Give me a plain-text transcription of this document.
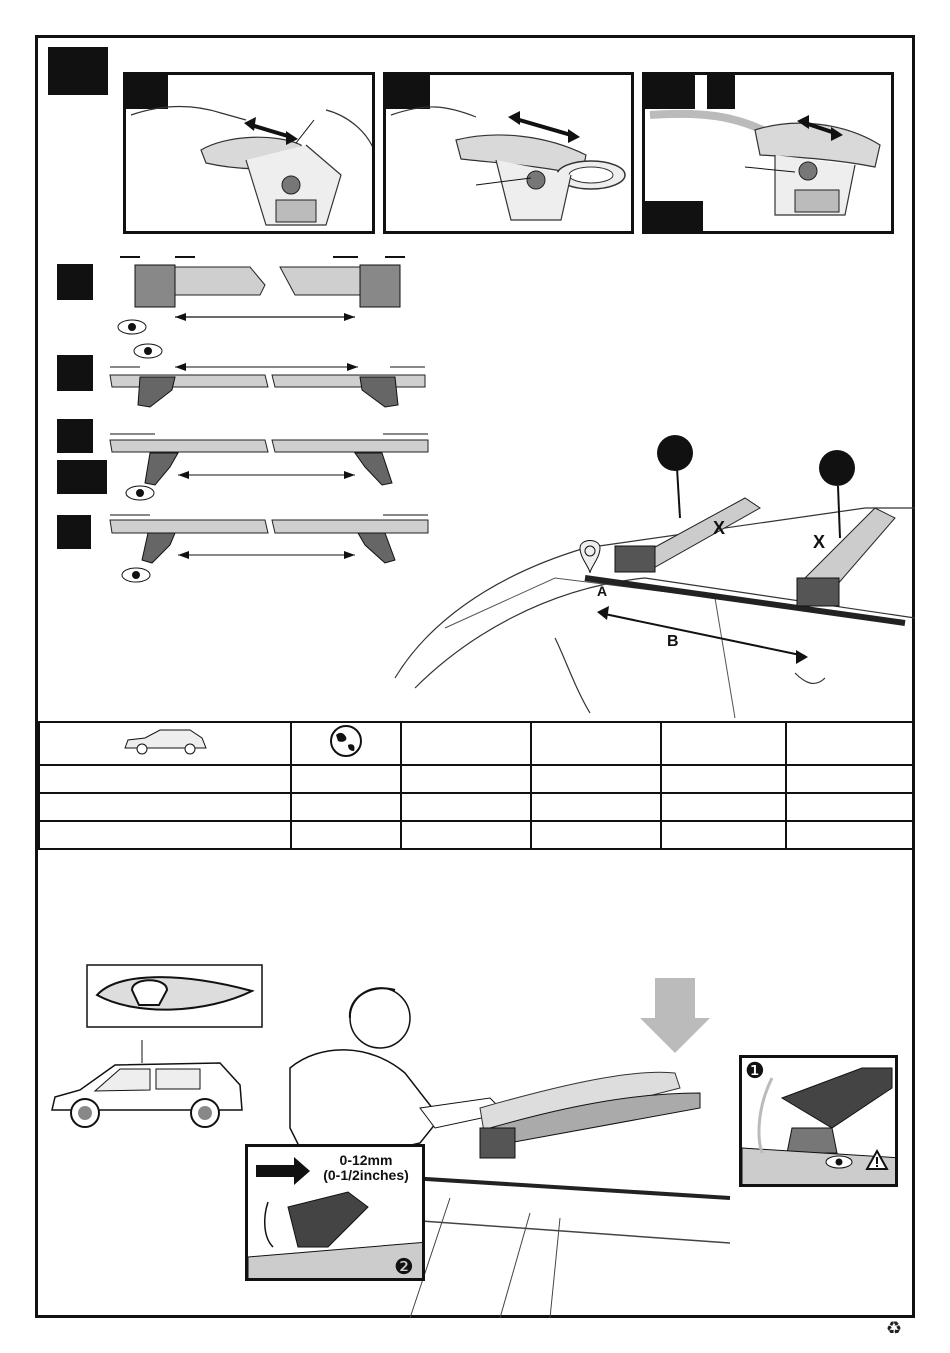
X
X
B
A

❶
❷
0-12mm
(0-1/2inches)
♻
